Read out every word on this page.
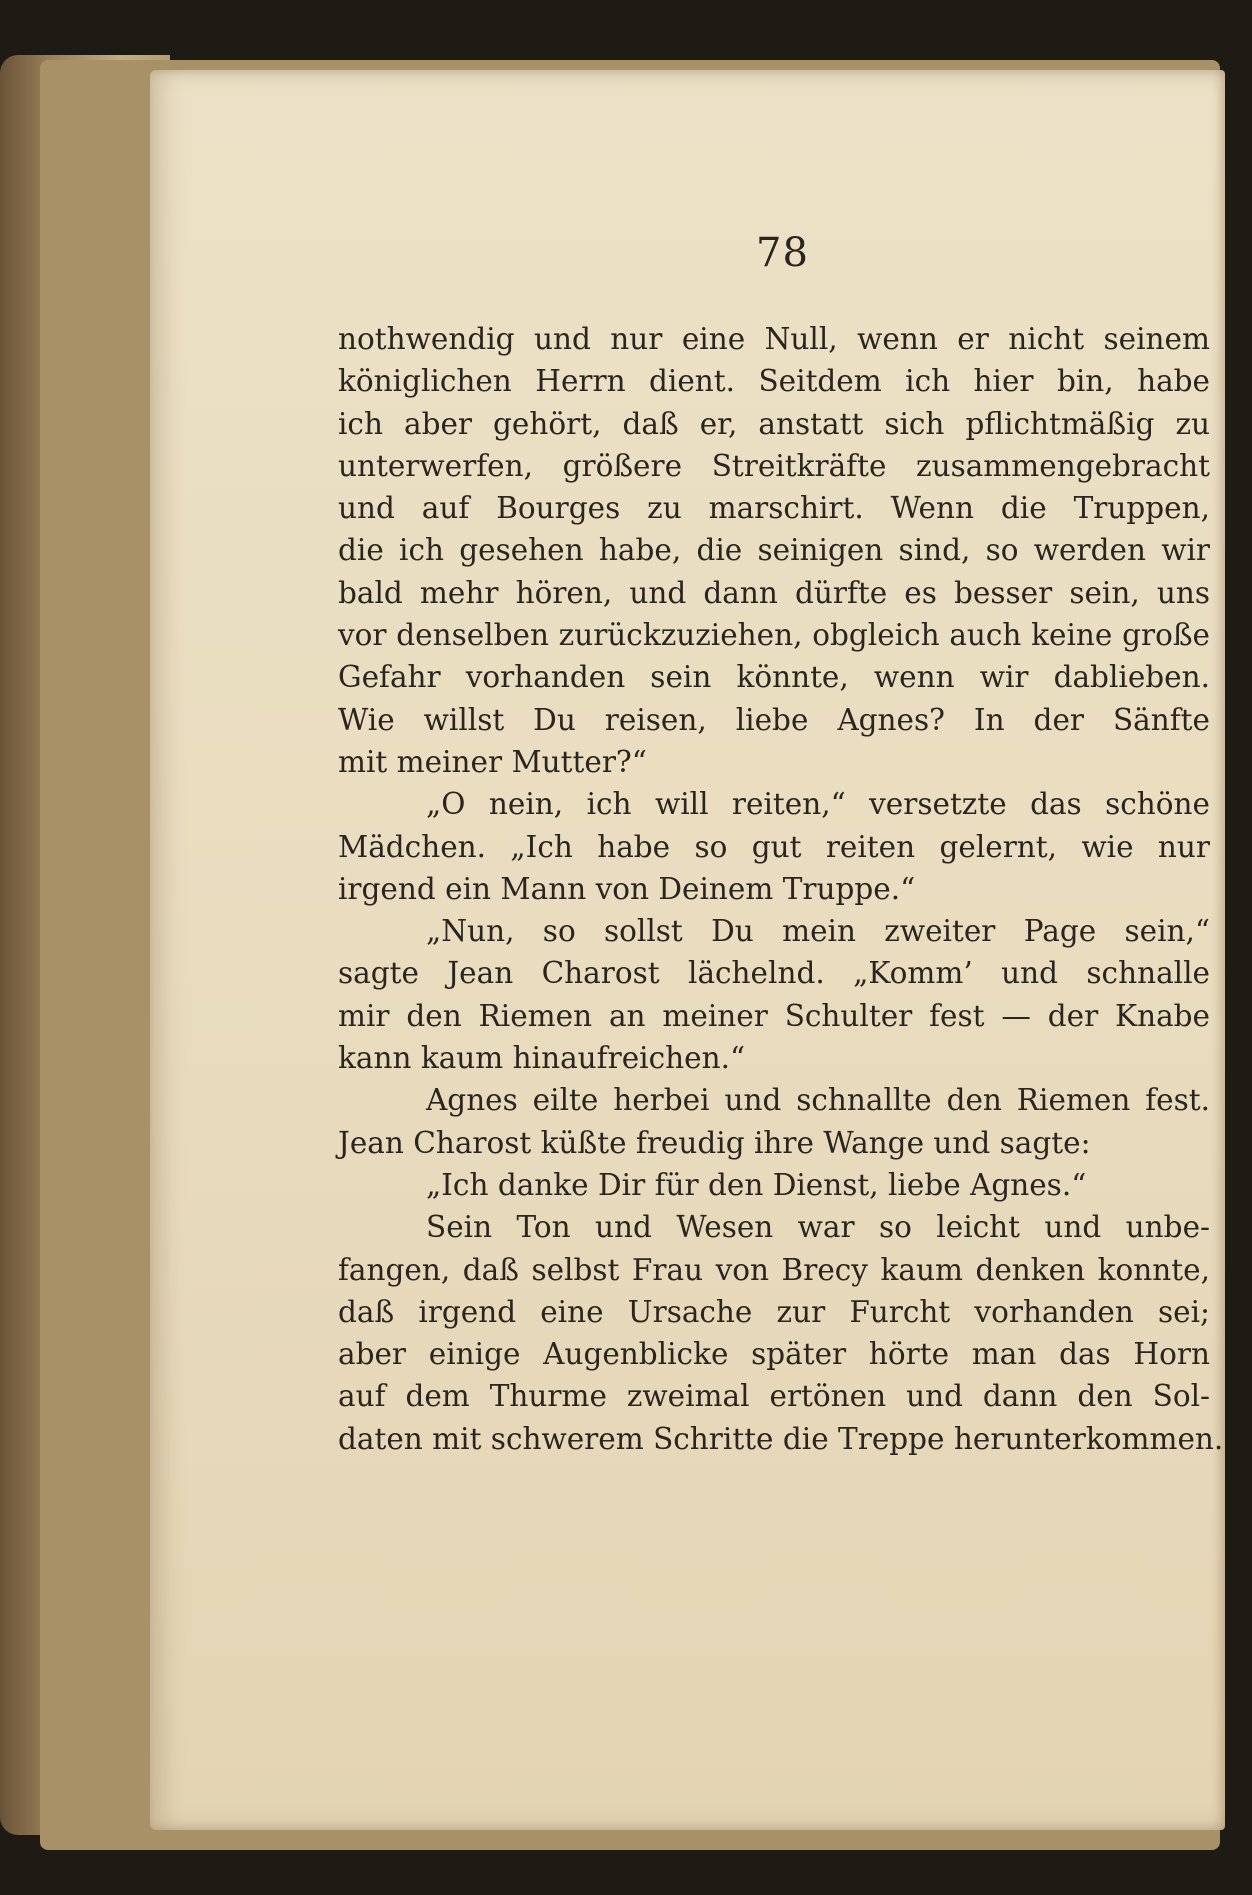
78
nothwendig und nur eine Null, wenn er nicht seinem
königlichen Herrn dient. Seitdem ich hier bin, habe
ich aber gehört, daß er, anstatt sich pflichtmäßig zu
unterwerfen, größere Streitkräfte zusammengebracht
und auf Bourges zu marschirt. Wenn die Truppen,
die ich gesehen habe, die seinigen sind, so werden wir
bald mehr hören, und dann dürfte es besser sein, uns
vor denselben zurückzuziehen, obgleich auch keine große
Gefahr vorhanden sein könnte, wenn wir dablieben.
Wie willst Du reisen, liebe Agnes? In der Sänfte
mit meiner Mutter?“
„O nein, ich will reiten,“ versetzte das schöne
Mädchen. „Ich habe so gut reiten gelernt, wie nur
irgend ein Mann von Deinem Truppe.“
„Nun, so sollst Du mein zweiter Page sein,“
sagte Jean Charost lächelnd. „Komm’ und schnalle
mir den Riemen an meiner Schulter fest — der Knabe
kann kaum hinaufreichen.“
Agnes eilte herbei und schnallte den Riemen fest.
Jean Charost küßte freudig ihre Wange und sagte:
„Ich danke Dir für den Dienst, liebe Agnes.“
Sein Ton und Wesen war so leicht und unbe-
fangen, daß selbst Frau von Brecy kaum denken konnte,
daß irgend eine Ursache zur Furcht vorhanden sei;
aber einige Augenblicke später hörte man das Horn
auf dem Thurme zweimal ertönen und dann den Sol-
daten mit schwerem Schritte die Treppe herunterkommen.
